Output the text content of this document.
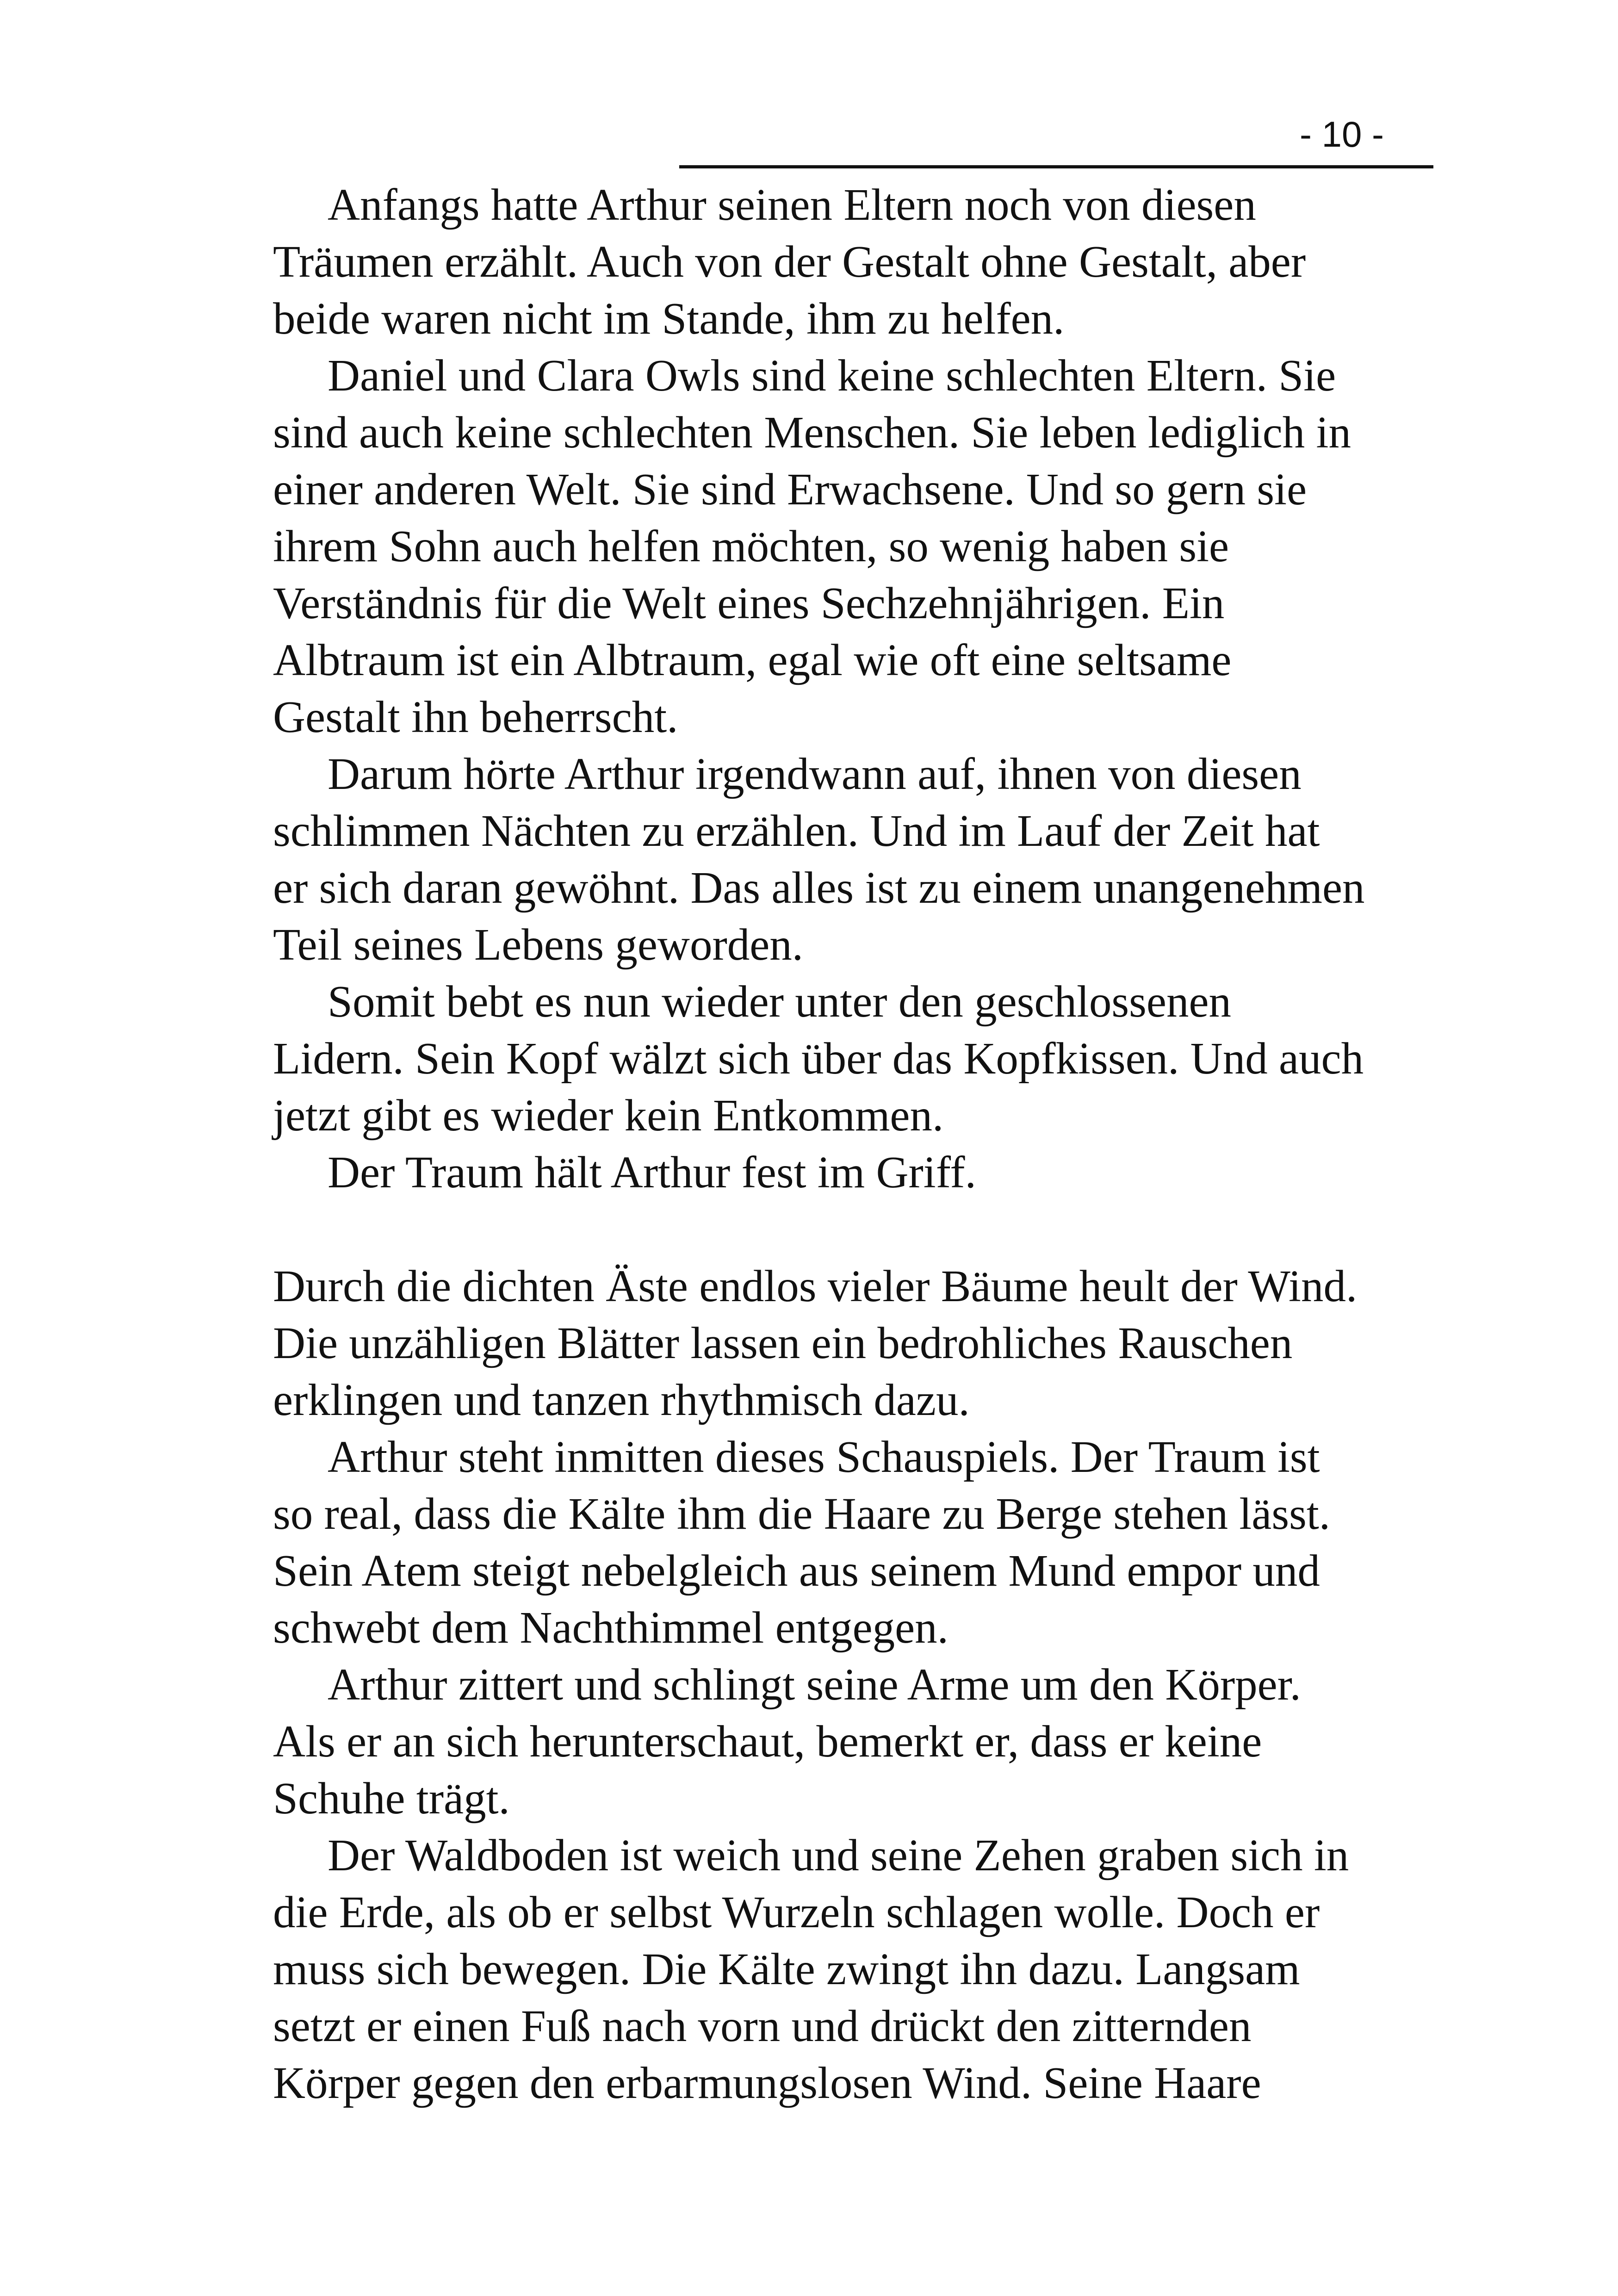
- 10 -
Anfangs hatte Arthur seinen Eltern noch von diesen
Träumen erzählt. Auch von der Gestalt ohne Gestalt, aber
beide waren nicht im Stande, ihm zu helfen.
Daniel und Clara Owls sind keine schlechten Eltern. Sie
sind auch keine schlechten Menschen. Sie leben lediglich in
einer anderen Welt. Sie sind Erwachsene. Und so gern sie
ihrem Sohn auch helfen möchten, so wenig haben sie
Verständnis für die Welt eines Sechzehnjährigen. Ein
Albtraum ist ein Albtraum, egal wie oft eine seltsame
Gestalt ihn beherrscht.
Darum hörte Arthur irgendwann auf, ihnen von diesen
schlimmen Nächten zu erzählen. Und im Lauf der Zeit hat
er sich daran gewöhnt. Das alles ist zu einem unangenehmen
Teil seines Lebens geworden.
Somit bebt es nun wieder unter den geschlossenen
Lidern. Sein Kopf wälzt sich über das Kopfkissen. Und auch
jetzt gibt es wieder kein Entkommen.
Der Traum hält Arthur fest im Griff.
Durch die dichten Äste endlos vieler Bäume heult der Wind.
Die unzähligen Blätter lassen ein bedrohliches Rauschen
erklingen und tanzen rhythmisch dazu.
Arthur steht inmitten dieses Schauspiels. Der Traum ist
so real, dass die Kälte ihm die Haare zu Berge stehen lässt.
Sein Atem steigt nebelgleich aus seinem Mund empor und
schwebt dem Nachthimmel entgegen.
Arthur zittert und schlingt seine Arme um den Körper.
Als er an sich herunterschaut, bemerkt er, dass er keine
Schuhe trägt.
Der Waldboden ist weich und seine Zehen graben sich in
die Erde, als ob er selbst Wurzeln schlagen wolle. Doch er
muss sich bewegen. Die Kälte zwingt ihn dazu. Langsam
setzt er einen Fuß nach vorn und drückt den zitternden
Körper gegen den erbarmungslosen Wind. Seine Haare
